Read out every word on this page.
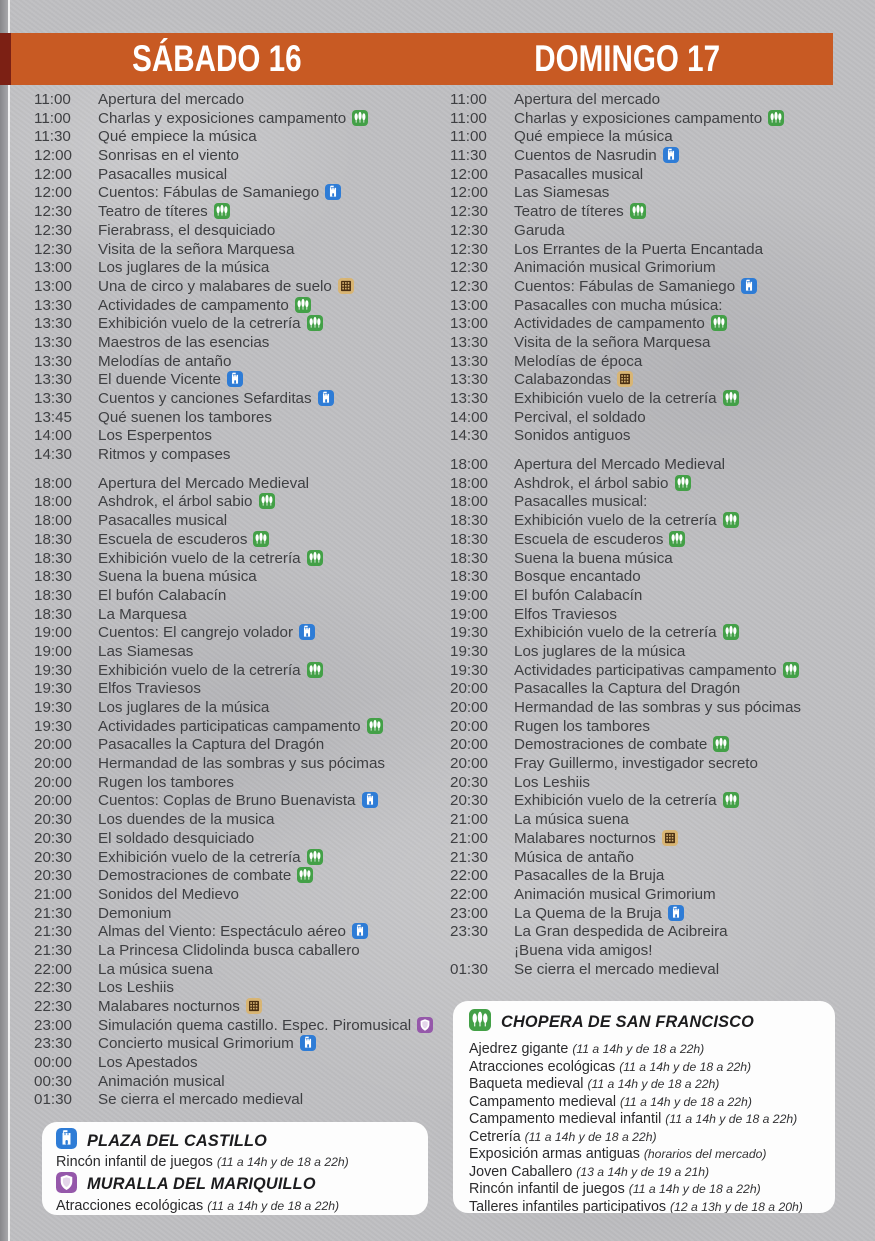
SÁBADO 16	DOMINGO 17
11:00	Apertura del mercado
11:00	Charlas y exposiciones campamento
11:30	Qué empiece la música
12:00	Sonrisas en el viento
12:00	Pasacalles musical
12:00	Cuentos: Fábulas de Samaniego
12:30	Teatro de títeres
12:30	Fierabrass, el desquiciado
12:30	Visita de la señora Marquesa
13:00	Los juglares de la música
13:00	Una de circo y malabares de suelo
13:30	Actividades de campamento
13:30	Exhibición vuelo de la cetrería
13:30	Maestros de las esencias
13:30	Melodías de antaño
13:30	El duende Vicente
13:30	Cuentos y canciones Sefarditas
13:45	Qué suenen los tambores
14:00	Los Esperpentos
14:30	Ritmos y compases
18:00	Apertura del Mercado Medieval
18:00	Ashdrok, el árbol sabio
18:00	Pasacalles musical
18:30	Escuela de escuderos
18:30	Exhibición vuelo de la cetrería
18:30	Suena la buena música
18:30	El bufón Calabacín
18:30	La Marquesa
19:00	Cuentos: El cangrejo volador
19:00	Las Siamesas
19:30	Exhibición vuelo de la cetrería
19:30	Elfos Traviesos
19:30	Los juglares de la música
19:30	Actividades participaticas campamento
20:00	Pasacalles la Captura del Dragón
20:00	Hermandad de las sombras y sus pócimas
20:00	Rugen los tambores
20:00	Cuentos: Coplas de Bruno Buenavista
20:30	Los duendes de la musica
20:30	El soldado desquiciado
20:30	Exhibición vuelo de la cetrería
20:30	Demostraciones de combate
21:00	Sonidos del Medievo
21:30	Demonium
21:30	Almas del Viento: Espectáculo aéreo
21:30	La Princesa Clidolinda busca caballero
22:00	La música suena
22:30	Los Leshiis
22:30	Malabares nocturnos
23:00	Simulación quema castillo. Espec. Piromusical
23:30	Concierto musical Grimorium
00:00	Los Apestados
00:30	Animación musical
01:30	Se cierra el mercado medieval
11:00	Apertura del mercado
11:00	Charlas y exposiciones campamento
11:00	Qué empiece la música
11:30	Cuentos de Nasrudin
12:00	Pasacalles musical
12:00	Las Siamesas
12:30	Teatro de títeres
12:30	Garuda
12:30	Los Errantes de la Puerta Encantada
12:30	Animación musical Grimorium
12:30	Cuentos: Fábulas de Samaniego
13:00	Pasacalles con mucha música:
13:00	Actividades de campamento
13:30	Visita de la señora Marquesa
13:30	Melodías de época
13:30	Calabazondas
13:30	Exhibición vuelo de la cetrería
14:00	Percival, el soldado
14:30	Sonidos antiguos
18:00	Apertura del Mercado Medieval
18:00	Ashdrok, el árbol sabio
18:00	Pasacalles musical:
18:30	Exhibición vuelo de la cetrería
18:30	Escuela de escuderos
18:30	Suena la buena música
18:30	Bosque encantado
19:00	El bufón Calabacín
19:00	Elfos Traviesos
19:30	Exhibición vuelo de la cetrería
19:30	Los juglares de la música
19:30	Actividades participativas campamento
20:00	Pasacalles la Captura del Dragón
20:00	Hermandad de las sombras y sus pócimas
20:00	Rugen los tambores
20:00	Demostraciones de combate
20:00	Fray Guillermo, investigador secreto
20:30	Los Leshiis
20:30	Exhibición vuelo de la cetrería
21:00	La música suena
21:00	Malabares nocturnos
21:30	Música de antaño
22:00	Pasacalles de la Bruja
22:00	Animación musical Grimorium
23:00	La Quema de la Bruja
23:30	La Gran despedida de Acibreira
¡Buena vida amigos!
01:30	Se cierra el mercado medieval
PLAZA DEL CASTILLO
Rincón infantil de juegos (11 a 14h y de 18 a 22h)
MURALLA DEL MARIQUILLO
Atracciones ecológicas (11 a 14h y de 18 a 22h)
CHOPERA DE SAN FRANCISCO
Ajedrez gigante (11 a 14h y de 18 a 22h)
Atracciones ecológicas (11 a 14h y de 18 a 22h)
Baqueta medieval (11 a 14h y de 18 a 22h)
Campamento medieval (11 a 14h y de 18 a 22h)
Campamento medieval infantil (11 a 14h y de 18 a 22h)
Cetrería (11 a 14h y de 18 a 22h)
Exposición armas antiguas (horarios del mercado)
Joven Caballero (13 a 14h y de 19 a 21h)
Rincón infantil de juegos (11 a 14h y de 18 a 22h)
Talleres infantiles participativos (12 a 13h y de 18 a 20h)
